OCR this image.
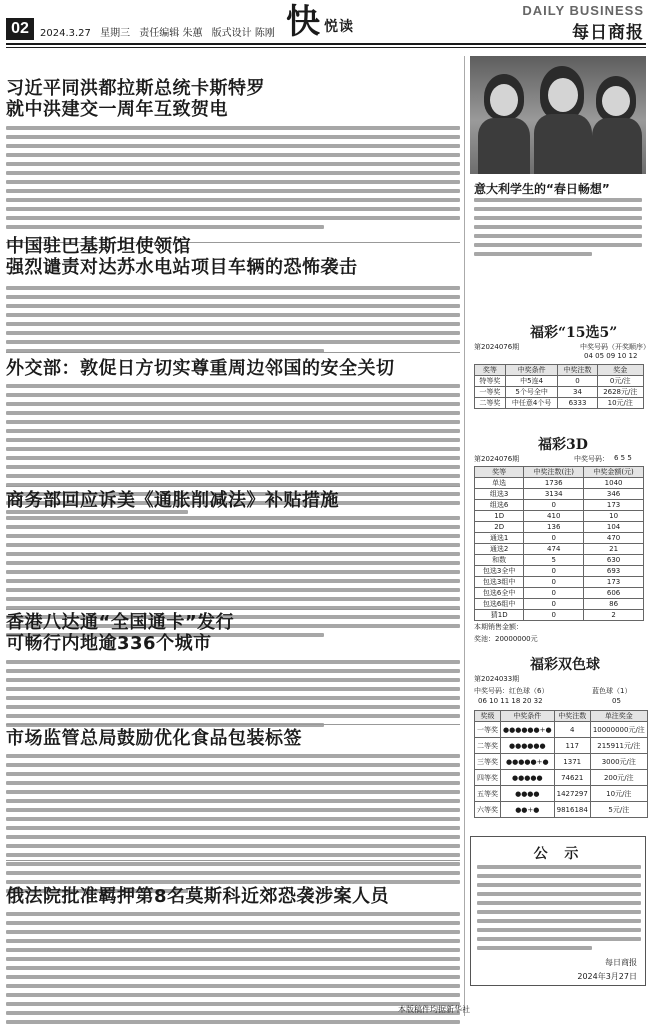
02	2024.3.27 星期三 责任编辑 朱蕙 版式设计 陈刚 快 悦读
DAILY BUSINESS
每日商报
习近平同洪都拉斯总统卡斯特罗
就中洪建交一周年互致贺电
中国驻巴基斯坦使领馆
强烈谴责对达苏水电站项目车辆的恐怖袭击
外交部：敦促日方切实尊重周边邻国的安全关切
商务部回应诉美《通胀削减法》补贴措施
香港八达通“全国通卡”发行
可畅行内地逾336个城市
市场监管总局鼓励优化食品包装标签
俄法院批准羁押第8名莫斯科近郊恐袭涉案人员
意大利学生的“春日畅想”
福彩“15选5”
第2024076期	中奖号码（开奖顺序）
04 05 09 10 12
奖等	中奖条件	中奖注数	奖金
特等奖	中5连4	0	0元/注
一等奖	5个号全中	34	2628元/注
二等奖	中任意4个号	6333	10元/注
福彩3D
第2024076期	中奖号码： 6 5 5
奖等	中奖注数(注)	中奖金额(元)
单选	1736	1040
组选3	3134	346
组选6	0	173
1D	410	10
2D	136	104
通选1	0	470
通选2	474	21
和数	5	630
包选3全中	0	693
包选3组中	0	173
包选6全中	0	606
包选6组中	0	86
猜1D	0	2
本期销售金额：
奖池：20000000元
福彩双色球
第2024033期
中奖号码：红色球（6）	蓝色球（1）
06 10 11 18 20 32	05
奖级	中奖条件	中奖注数	单注奖金
一等奖	●●●●●●+●	4	10000000元/注
二等奖	●●●●●●	117	215911元/注
三等奖	●●●●●+●	1371	3000元/注
四等奖	●●●●●	74621	200元/注
五等奖	●●●●	1427297	10元/注
六等奖	●●+●	9816184	5元/注
公 示
每日商报
2024年3月27日
本版稿件均据新华社
